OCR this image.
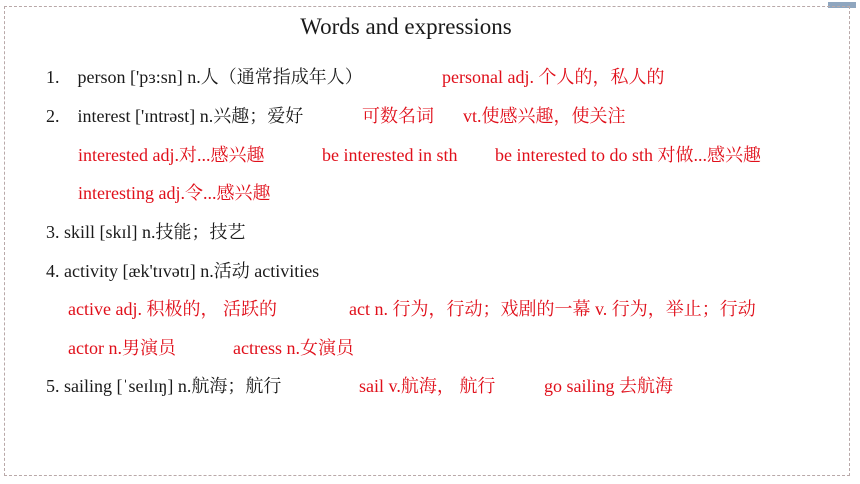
Words and expressions
1. person ['pɜ:sn] n.人（通常指成年人）	personal adj. 个人的，私人的
2. interest ['ɪntrəst] n.兴趣；爱好	可数名词 vt.使感兴趣，使关注
interested adj.对...感兴趣	be interested in sth be interested to do sth 对做...感兴趣
interesting adj.令...感兴趣
3. skill [skɪl] n.技能；技艺
4. activity [æk'tɪvətɪ] n.活动 activities
active adj. 积极的， 活跃的	act n. 行为，行动；戏剧的一幕 v. 行为，举止；行动
actor n.男演员	actress n.女演员
5. sailing [ˈseɪlɪŋ] n.航海；航行	sail v.航海， 航行	go sailing 去航海
